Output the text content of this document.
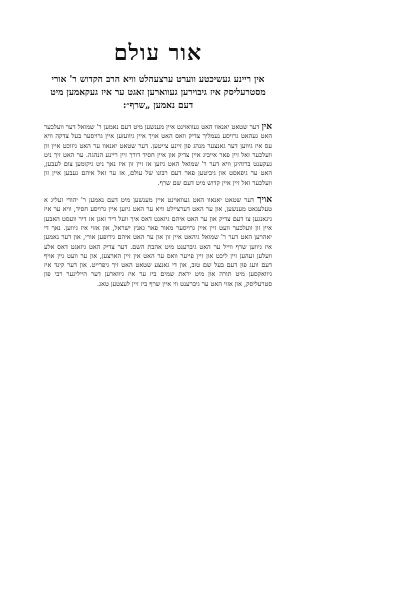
אור עולם
אין ריינע געשיכטע ווערט ערצעהלט וויא הרב הקדוש ר' אורי מסטרעליסק איז גיבוירען געווארען זאגט ער איז געקאמען מיט דעם נאמען „שרף״:

אין דער שטאט יאנאוו האט געוואוינט איין מענשען מיט דעם נאמען ר' שמואל דער וועלכער האט געהאט גרויסע נעמליך צדיק וואס האט אויך איין גיוועזען איין גרויסער בעל צדקה וויא עס איז גיווען דער גאנצער מנהג פון זיינע צייטען. דער שטאט יאנאוו ער האט גיזוכט איין זון וועלכער זאל זיין פאר אייביג איין צדיק און איין חסיד דורך זיין ריינע הנהגה. ער האט זיך ניט געקענט ברוהיגן וויא דער ר' שמואל האט גיזען אז זיין זון איז נאך ניט גיקומען צום לעבען, האט ער גיפאסט און גיביטען פאר דעם רבונו של עולם, אז ער זאל איהם געבען איין זון וועלכער זאל זיין איין קדוש מיט דעם שם שרף.

אויך דער שטאט יאנאוו האט געוואוינט איין מענשען מיט דעם נאמען ר' יהודי זעליג א טעלעגאט מענשען, און ער האט דערציילט וויא ער האט גיזען איין גרויסע חסיד, וויא ער איז גיגאנגען צו דעם צדיק און ער האט איהם גיזאגט דאס איך וועל דיר זאגן אז דיר וועסט האבען איין זון וועלכער וועט זיין איין גרויסער מאור פאר גאנץ ישראל, און אזוי איז גיווען. נאך די יאהרען האט דער ר' שמואל גיהאט איין זון און ער האט איהם גירופען אורי, און דער נאמען איז גיווען שרף ווייל ער האט גיברענט מיט אהבת השם. דער צדיק האט גיזאגט דאס אלע וועלען זעהען זיין ליכט און זיין פייער וואס ער האט אין זיין הארצען, און ער וועט גיין אויף דעם וועג פון דעם בעל שם טוב, און די גאנצע שטאט האט זיך גיפרייט. און דער קינד איז גיוואקסען מיט תורה און מיט יראת שמים ביז ער איז גיווארען דער הייליגער רבי פון סטרעליסק, און אזוי האט ער גיברענט ווי איין שרף ביז זיין לעצטען טאג.
